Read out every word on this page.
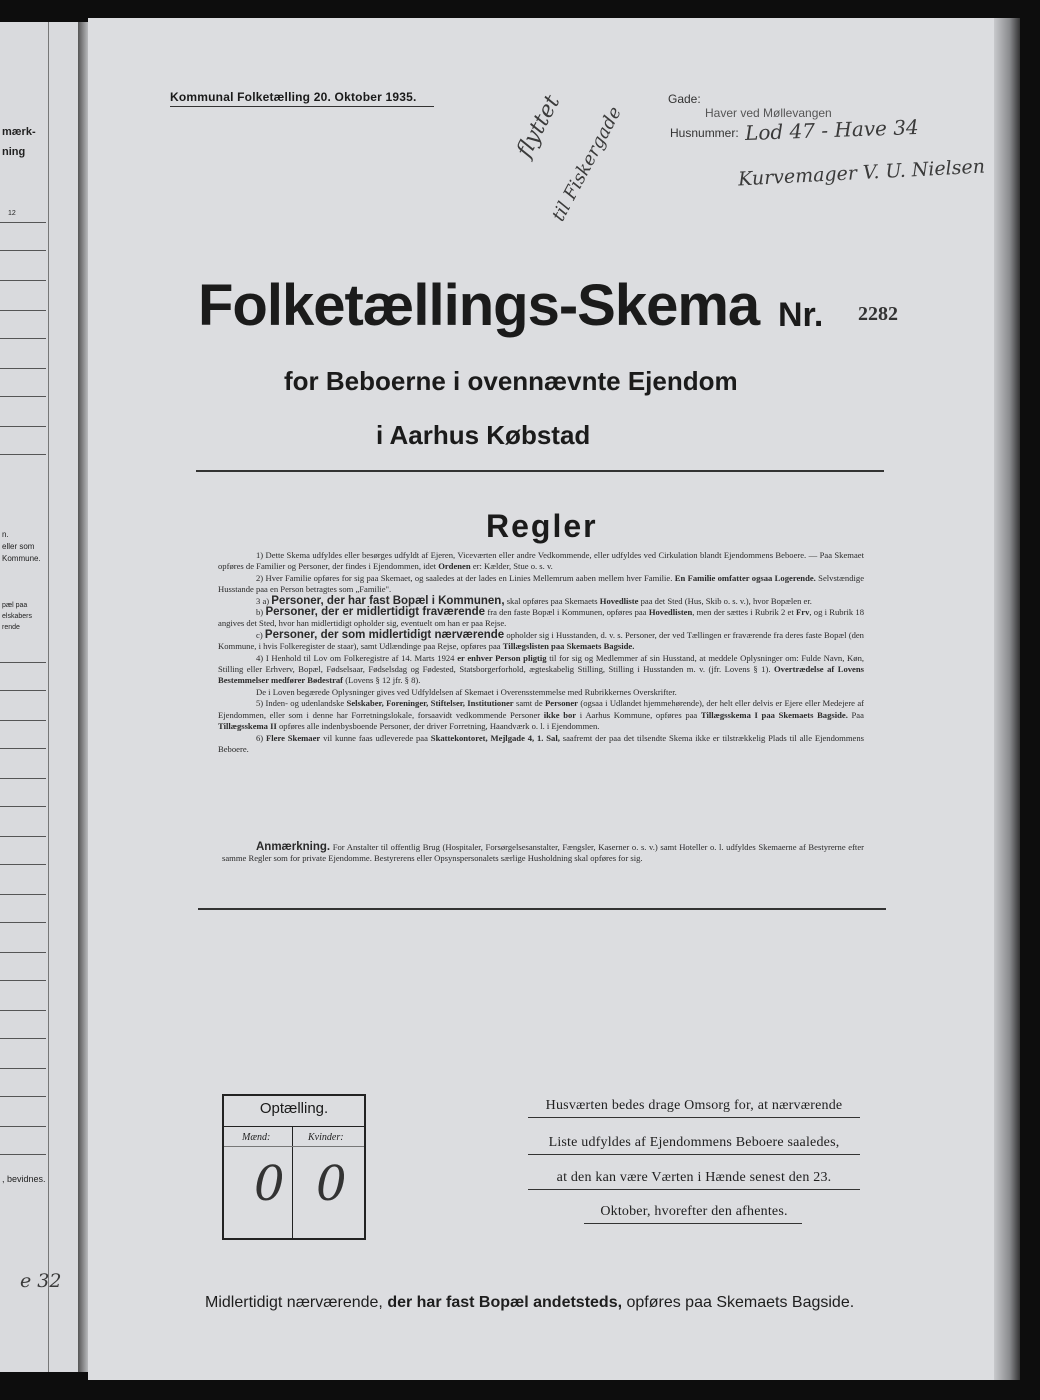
mærk-
ning
12
n.
eller som
Kommune.
pæl paa
elskabers
rende
, bevidnes.
e 32
Kommunal Folketælling 20. Oktober 1935.	Gade:
Haver ved Møllevangen
Husnummer: Lod 47 - Have 34
Kurvemager V. U. Nielsen
flyttet
til Fiskergade
Folketællings-Skema Nr. 2282
for Beboerne i ovennævnte Ejendom
i Aarhus Købstad
Regler

1) Dette Skema udfyldes eller besørges udfyldt af Ejeren, Viceværten eller andre Vedkommende, eller udfyldes ved Cirkulation blandt Ejendommens Beboere. — Paa Skemaet opføres de Familier og Personer, der findes i Ejendommen, idet Ordenen er: Kælder, Stue o. s. v.

2) Hver Familie opføres for sig paa Skemaet, og saaledes at der lades en Linies Mellemrum aaben mellem hver Familie. En Familie omfatter ogsaa Logerende. Selvstændige Husstande paa en Person betragtes som „Familie".

3 a) Personer, der har fast Bopæl i Kommunen, skal opføres paa Skemaets Hovedliste paa det Sted (Hus, Skib o. s. v.), hvor Bopælen er.

b) Personer, der er midlertidigt fraværende fra den faste Bopæl i Kommunen, opføres paa Hovedlisten, men der sættes i Rubrik 2 et Frv, og i Rubrik 18 angives det Sted, hvor han midlertidigt opholder sig, eventuelt om han er paa Rejse.

c) Personer, der som midlertidigt nærværende opholder sig i Husstanden, d. v. s. Personer, der ved Tællingen er fraværende fra deres faste Bopæl (den Kommune, i hvis Folkeregister de staar), samt Udlændinge paa Rejse, opføres paa Tillægslisten paa Skemaets Bagside.

4) I Henhold til Lov om Folkeregistre af 14. Marts 1924 er enhver Person pligtig til for sig og Medlemmer af sin Husstand, at meddele Oplysninger om: Fulde Navn, Køn, Stilling eller Erhverv, Bopæl, Fødselsaar, Fødselsdag og Fødested, Statsborgerforhold, ægteskabelig Stilling, Stilling i Husstanden m. v. (jfr. Lovens § 1). Overtrædelse af Lovens Bestemmelser medfører Bødestraf (Lovens § 12 jfr. § 8).

De i Loven begærede Oplysninger gives ved Udfyldelsen af Skemaet i Overensstemmelse med Rubrikkernes Overskrifter.

5) Inden- og udenlandske Selskaber, Foreninger, Stiftelser, Institutioner samt de Personer (ogsaa i Udlandet hjemmehørende), der helt eller delvis er Ejere eller Medejere af Ejendommen, eller som i denne har Forretningslokale, forsaavidt vedkommende Personer ikke bor i Aarhus Kommune, opføres paa Tillægsskema I paa Skemaets Bagside. Paa Tillægsskema II opføres alle indenbysboende Personer, der driver Forretning, Haandværk o. l. i Ejendommen.

6) Flere Skemaer vil kunne faas udleverede paa Skattekontoret, Mejlgade 4, 1. Sal, saafremt der paa det tilsendte Skema ikke er tilstrækkelig Plads til alle Ejendommens Beboere.

Anmærkning. For Anstalter til offentlig Brug (Hospitaler, Forsørgelsesanstalter, Fængsler, Kaserner o. s. v.) samt Hoteller o. l. udfyldes Skemaerne af Bestyrerne efter samme Regler som for private Ejendomme. Bestyrerens eller Opsynspersonalets særlige Husholdning skal opføres for sig.

Optælling.
Mænd:	Kvinder:
0 0
Husværten bedes drage Omsorg for, at nærværende
Liste udfyldes af Ejendommens Beboere saaledes,
at den kan være Værten i Hænde senest den 23.
Oktober, hvorefter den afhentes.
Midlertidigt nærværende, der har fast Bopæl andetsteds, opføres paa Skemaets Bagside.
